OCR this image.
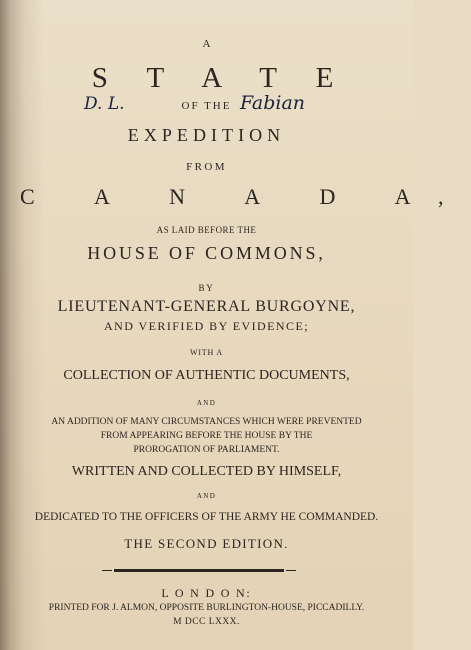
A
S T A T E
D. L.	OF THE Fabian
EXPEDITION
FROM
C A N A D A,
AS LAID BEFORE THE
HOUSE OF COMMONS,
BY
LIEUTENANT-GENERAL BURGOYNE,
AND VERIFIED BY EVIDENCE;
WITH A
COLLECTION OF AUTHENTIC DOCUMENTS,
AND
AN ADDITION OF MANY CIRCUMSTANCES WHICH WERE PREVENTED
FROM APPEARING BEFORE THE HOUSE BY THE
PROROGATION OF PARLIAMENT.
WRITTEN AND COLLECTED BY HIMSELF,
AND
DEDICATED TO THE OFFICERS OF THE ARMY HE COMMANDED.
THE SECOND EDITION.
L O N D O N:
PRINTED FOR J. ALMON, OPPOSITE BURLINGTON-HOUSE, PICCADILLY.
M DCC LXXX.
